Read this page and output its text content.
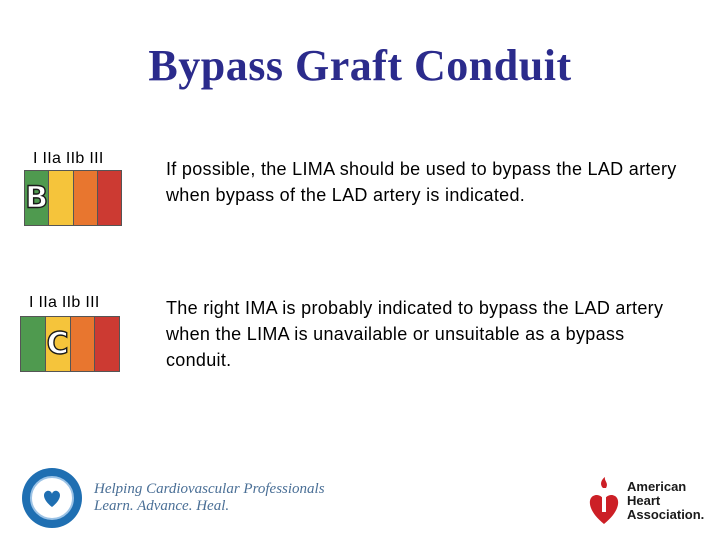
Bypass Graft Conduit
I IIa IIb III
B
If possible, the LIMA should be used to bypass the LAD artery when bypass of the LAD artery is indicated.
I IIa IIb III
C
The right IMA is probably indicated to bypass the LAD artery when the LIMA is unavailable or unsuitable as a bypass conduit.
Helping Cardiovascular Professionals
Learn. Advance. Heal.
American
Heart
Association.
